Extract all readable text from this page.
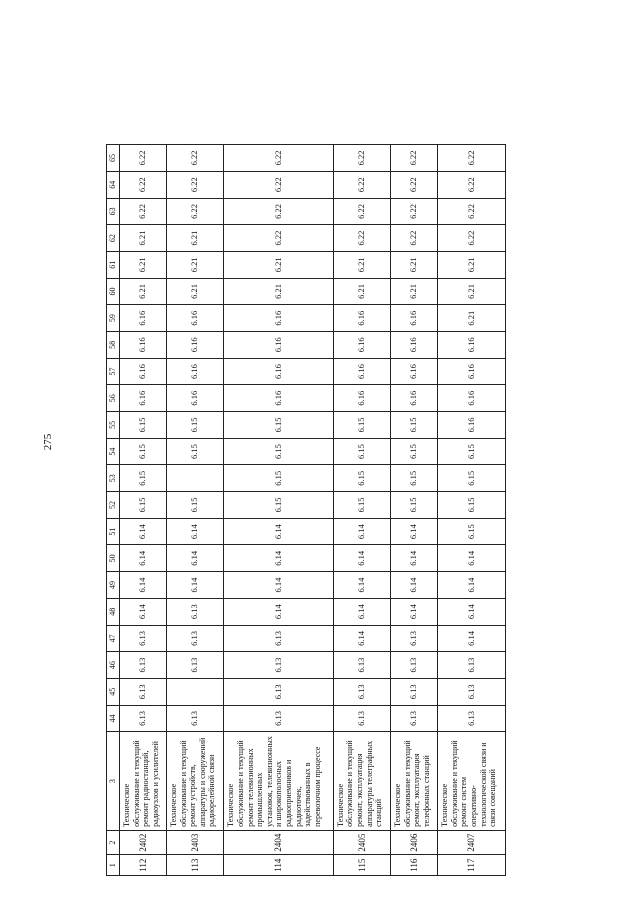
275
1	2	3	44	45	46	47	48	49	50	51	52	53	54	55	56	57	58	59	60	61	62	63	64	65
112	2402	Техническое обслуживание и текущий ремонт радиостанций, радиоузлов и усилителей	6.13	6.13	6.13	6.13	6.14	6.14	6.14	6.14	6.15	6.15	6.15	6.15	6.16	6.16	6.16	6.16	6.21	6.21	6.21	6.22	6.22	6.22
113	2403	Техническое обслуживание и текущий ремонт устройств, аппаратуры и сооружений радиорелейной связи	6.13		6.13	6.13	6.13	6.14	6.14	6.14	6.15		6.15	6.15	6.16	6.16	6.16	6.16	6.21	6.21	6.21	6.22	6.22	6.22
114	2404	Техническое обслуживание и текущий ремонт телевизионных промышленных установок, телевизионных и широкополосных радиоприемников и радиоточек, задействованных в перевозочном процессе	6.13	6.13	6.13	6.13	6.14	6.14	6.14	6.14	6.15	6.15	6.15	6.15	6.16	6.16	6.16	6.16	6.21	6.21	6.22	6.22	6.22	6.22
115	2405	Техническое обслуживание и текущий ремонт, эксплуатация аппаратуры телеграфных станций	6.13	6.13	6.13	6.14	6.14	6.14	6.14	6.14	6.15	6.15	6.15	6.15	6.16	6.16	6.16	6.16	6.21	6.21	6.22	6.22	6.22	6.22
116	2406	Техническое обслуживание и текущий ремонт, эксплуатация телефонных станций	6.13	6.13	6.13	6.13	6.14	6.14	6.14	6.14	6.15	6.15	6.15	6.15	6.16	6.16	6.16	6.16	6.21	6.21	6.22	6.22	6.22	6.22
117	2407	Техническое обслуживание и текущий ремонт систем оперативно-технологической связи и связи совещаний	6.13	6.13	6.13	6.14	6.14	6.14	6.14	6.15	6.15	6.15	6.15	6.16	6.16	6.16	6.16	6.21	6.21	6.21	6.22	6.22	6.22	6.22
